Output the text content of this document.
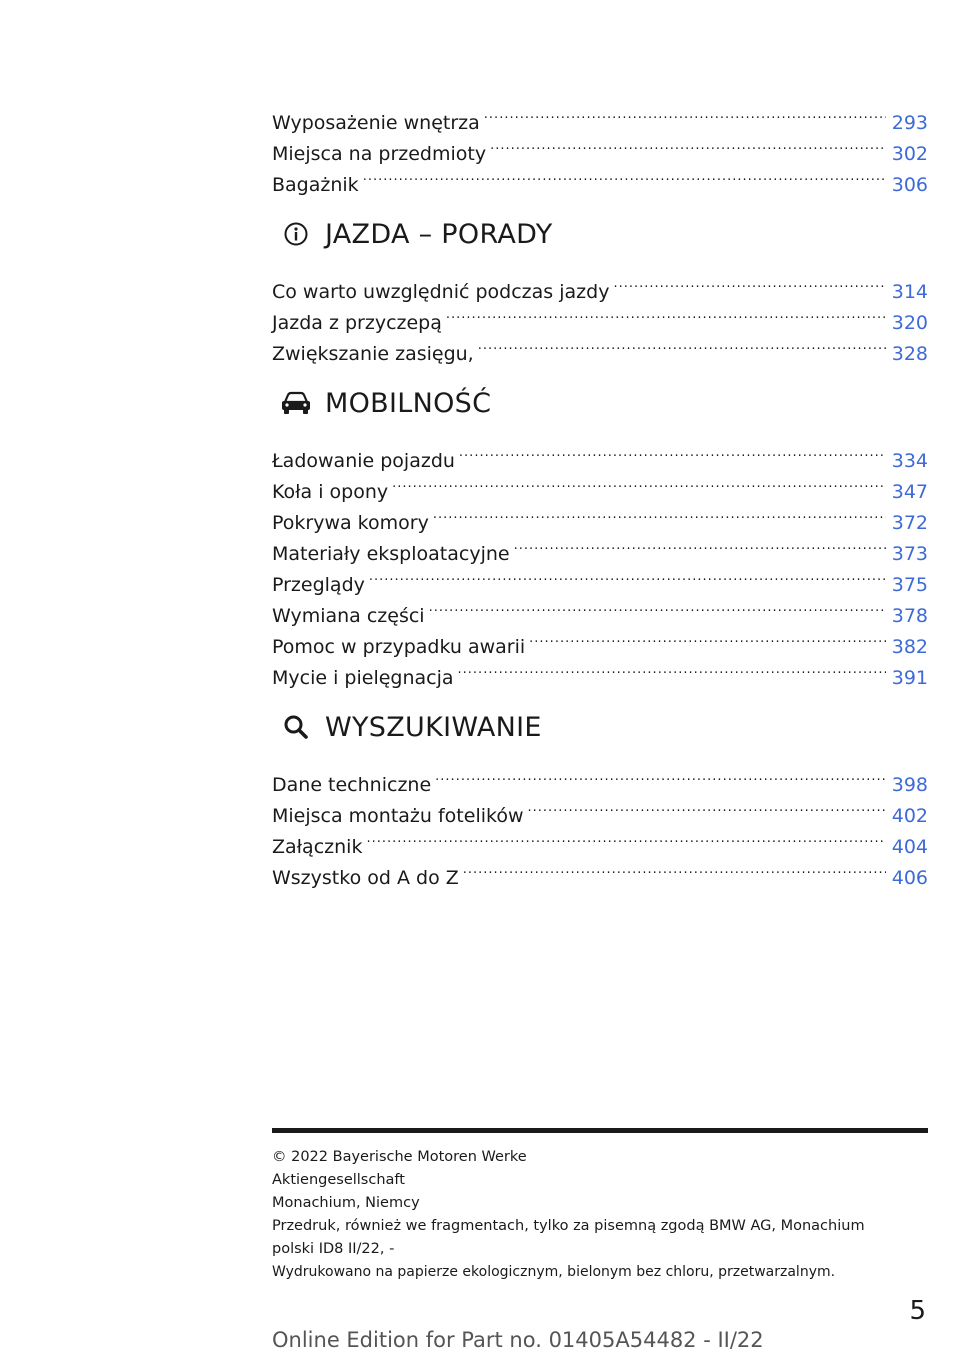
Wyposażenie wnętrza .....	293
Miejsca na przedmioty .....	302
Bagażnik .....	306
JAZDA – PORADY
Co warto uwzględnić podczas jazdy .....	314
Jazda z przyczepą .....	320
Zwiększanie zasięgu, .....	328
MOBILNOŚĆ
Ładowanie pojazdu .....	334
Koła i opony .....	347
Pokrywa komory .....	372
Materiały eksploatacyjne .....	373
Przeglądy .....	375
Wymiana części .....	378
Pomoc w przypadku awarii .....	382
Mycie i pielęgnacja .....	391
WYSZUKIWANIE
Dane techniczne .....	398
Miejsca montażu fotelików .....	402
Załącznik .....	404
Wszystko od A do Z .....	406
© 2022 Bayerische Motoren Werke
Aktiengesellschaft
Monachium, Niemcy
Przedruk, również we fragmentach, tylko za pisemną zgodą BMW AG, Monachium
polski ID8 II/22, -
Wydrukowano na papierze ekologicznym, bielonym bez chloru, przetwarzalnym.
5
Online Edition for Part no. 01405A54482 - II/22
